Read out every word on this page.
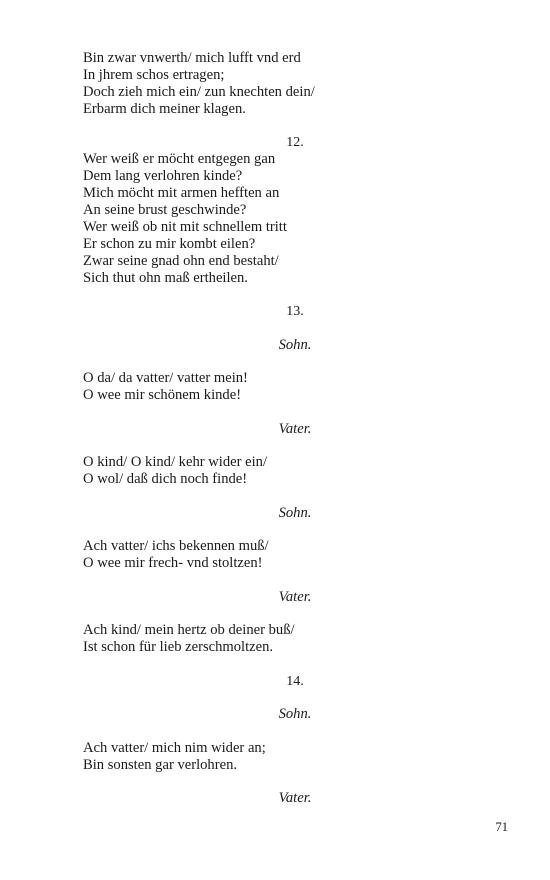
Bin zwar vnwerth/ mich lufft vnd erd
In jhrem schos ertragen;
Doch zieh mich ein/ zun knechten dein/
Erbarm dich meiner klagen.
12.
Wer weiß er möcht entgegen gan
Dem lang verlohren kinde?
Mich möcht mit armen hefften an
An seine brust geschwinde?
Wer weiß ob nit mit schnellem tritt
Er schon zu mir kombt eilen?
Zwar seine gnad ohn end bestaht/
Sich thut ohn maß ertheilen.
13.
Sohn.
O da/ da vatter/ vatter mein!
O wee mir schönem kinde!
Vater.
O kind/ O kind/ kehr wider ein/
O wol/ daß dich noch finde!
Sohn.
Ach vatter/ ichs bekennen muß/
O wee mir frech- vnd stoltzen!
Vater.
Ach kind/ mein hertz ob deiner buß/
Ist schon für lieb zerschmoltzen.
14.
Sohn.
Ach vatter/ mich nim wider an;
Bin sonsten gar verlohren.
Vater.
71
